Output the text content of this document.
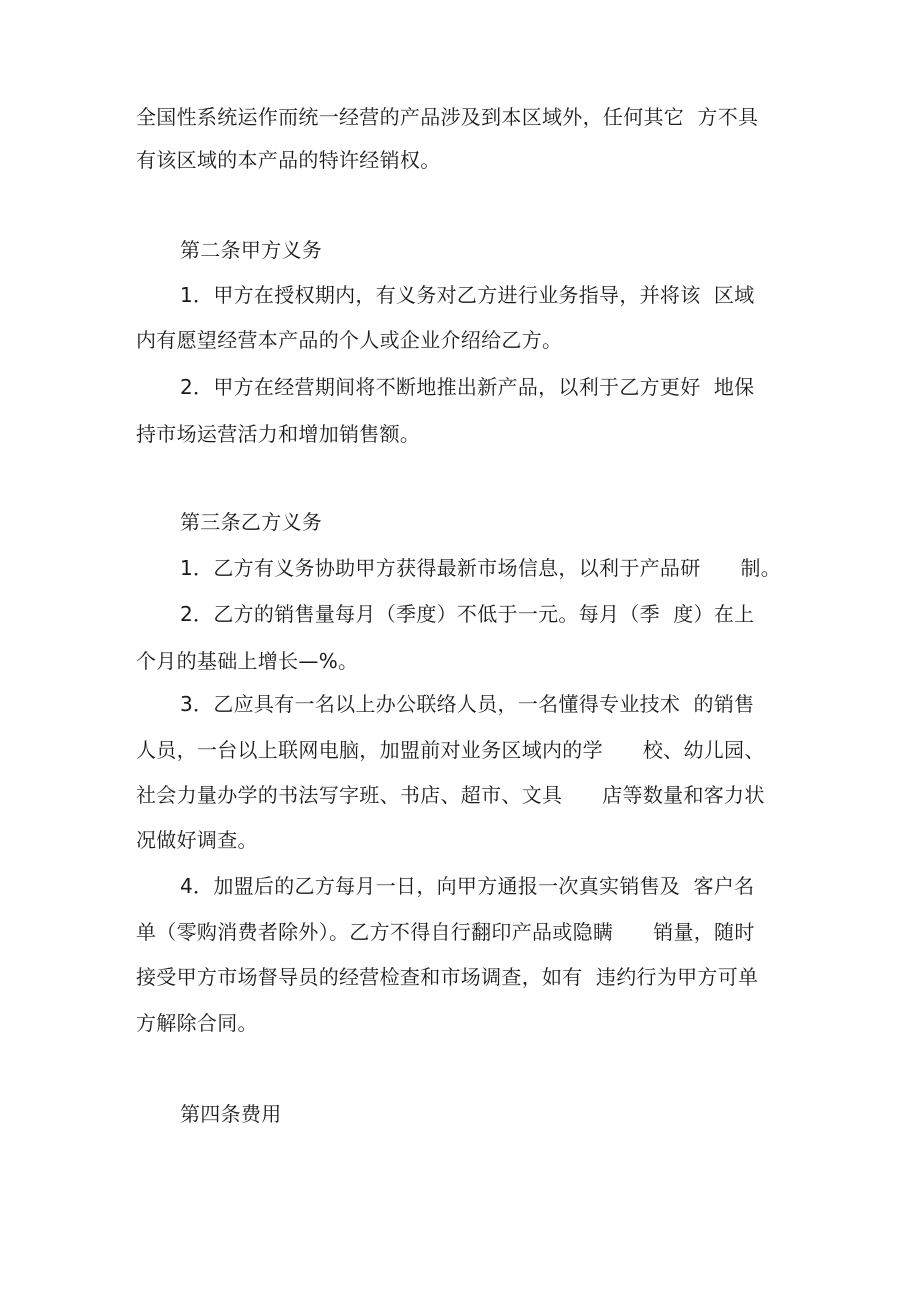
全国性系统运作而统一经营的产品涉及到本区域外，任何其它  方不具
有该区域的本产品的特许经销权。
第二条甲方义务
1．甲方在授权期内，有义务对乙方进行业务指导，并将该  区域
内有愿望经营本产品的个人或企业介绍给乙方。
2．甲方在经营期间将不断地推出新产品，以利于乙方更好  地保
持市场运营活力和增加销售额。
第三条乙方义务
1．乙方有义务协助甲方获得最新市场信息，以利于产品研      制。
2．乙方的销售量每月（季度）不低于一元。每月（季  度）在上
个月的基础上增长—%。
3．乙应具有一名以上办公联络人员，一名懂得专业技术  的销售
人员，一台以上联网电脑，加盟前对业务区域内的学      校、幼儿园、
社会力量办学的书法写字班、书店、超市、文具      店等数量和客力状
况做好调查。
4．加盟后的乙方每月一日，向甲方通报一次真实销售及  客户名
单（零购消费者除外）。乙方不得自行翻印产品或隐瞒      销量，随时
接受甲方市场督导员的经营检查和市场调查，如有  违约行为甲方可单
方解除合同。
第四条费用
